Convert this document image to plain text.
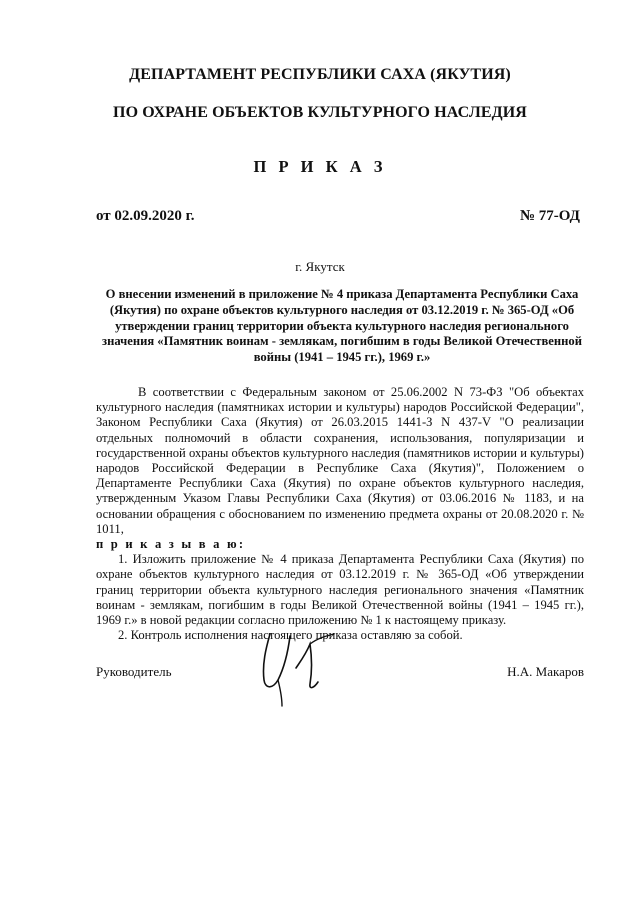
ДЕПАРТАМЕНТ РЕСПУБЛИКИ САХА (ЯКУТИЯ)
ПО ОХРАНЕ ОБЪЕКТОВ КУЛЬТУРНОГО НАСЛЕДИЯ
П Р И К А З
от 02.09.2020 г.	№ 77-ОД
г. Якутск

О внесении изменений в приложение № 4 приказа Департамента Республики Саха (Якутия) по охране объектов культурного наследия от 03.12.2019 г. № 365-ОД «Об утверждении границ территории объекта культурного наследия регионального значения «Памятник воинам - землякам, погибшим в годы Великой Отечественной войны (1941 – 1945 гг.), 1969 г.»

В соответствии с Федеральным законом от 25.06.2002 N 73-ФЗ "Об объектах культурного наследия (памятниках истории и культуры) народов Российской Федерации", Законом Республики Саха (Якутия) от 26.03.2015 1441-З N 437-V "О реализации отдельных полномочий в области сохранения, использования, популяризации и государственной охраны объектов культурного наследия (памятников истории и культуры) народов Российской Федерации в Республике Саха (Якутия)", Положением о Департаменте Республики Саха (Якутия) по охране объектов культурного наследия, утвержденным Указом Главы Республики Саха (Якутия) от 03.06.2016 № 1183, и на основании обращения с обоснованием по изменению предмета охраны от 20.08.2020 г. № 1011,

п р и к а з ы в а ю:

1. Изложить приложение № 4 приказа Департамента Республики Саха (Якутия) по охране объектов культурного наследия от 03.12.2019 г. № 365-ОД «Об утверждении границ территории объекта культурного наследия регионального значения «Памятник воинам - землякам, погибшим в годы Великой Отечественной войны (1941 – 1945 гг.), 1969 г.» в новой редакции согласно приложению № 1 к настоящему приказу.

2. Контроль исполнения настоящего приказа оставляю за собой.

Руководитель	Н.А. Макаров
